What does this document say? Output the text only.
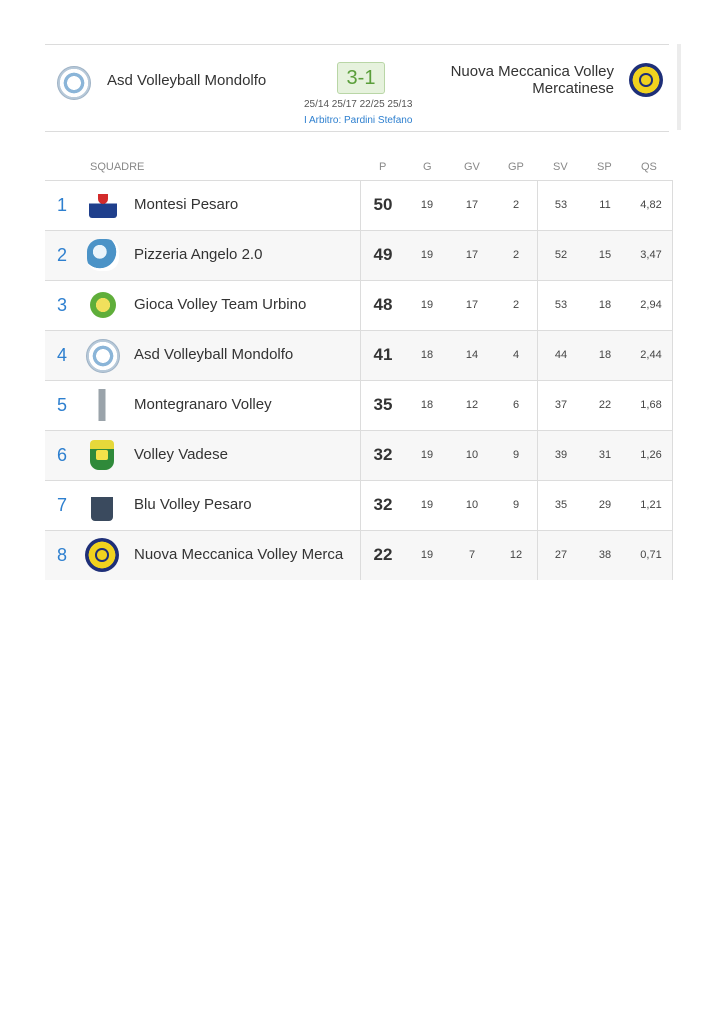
Asd Volleyball Mondolfo	3-1
25/14 25/17 22/25 25/13
I Arbitro: Pardini Stefano
Nuova Meccanica Volley Mercatinese
SQUADRE	P	G	GV	GP	SV	SP	QS
1	Montesi Pesaro	50	19	17	2	53	11	4,82
2	Pizzeria Angelo 2.0	49	19	17	2	52	15	3,47
3	Gioca Volley Team Urbino	48	19	17	2	53	18	2,94
4	Asd Volleyball Mondolfo	41	18	14	4	44	18	2,44
5	Montegranaro Volley	35	18	12	6	37	22	1,68
6	Volley Vadese	32	19	10	9	39	31	1,26
7	Blu Volley Pesaro	32	19	10	9	35	29	1,21
8	Nuova Meccanica Volley Merca	22	19	7	12	27	38	0,71
